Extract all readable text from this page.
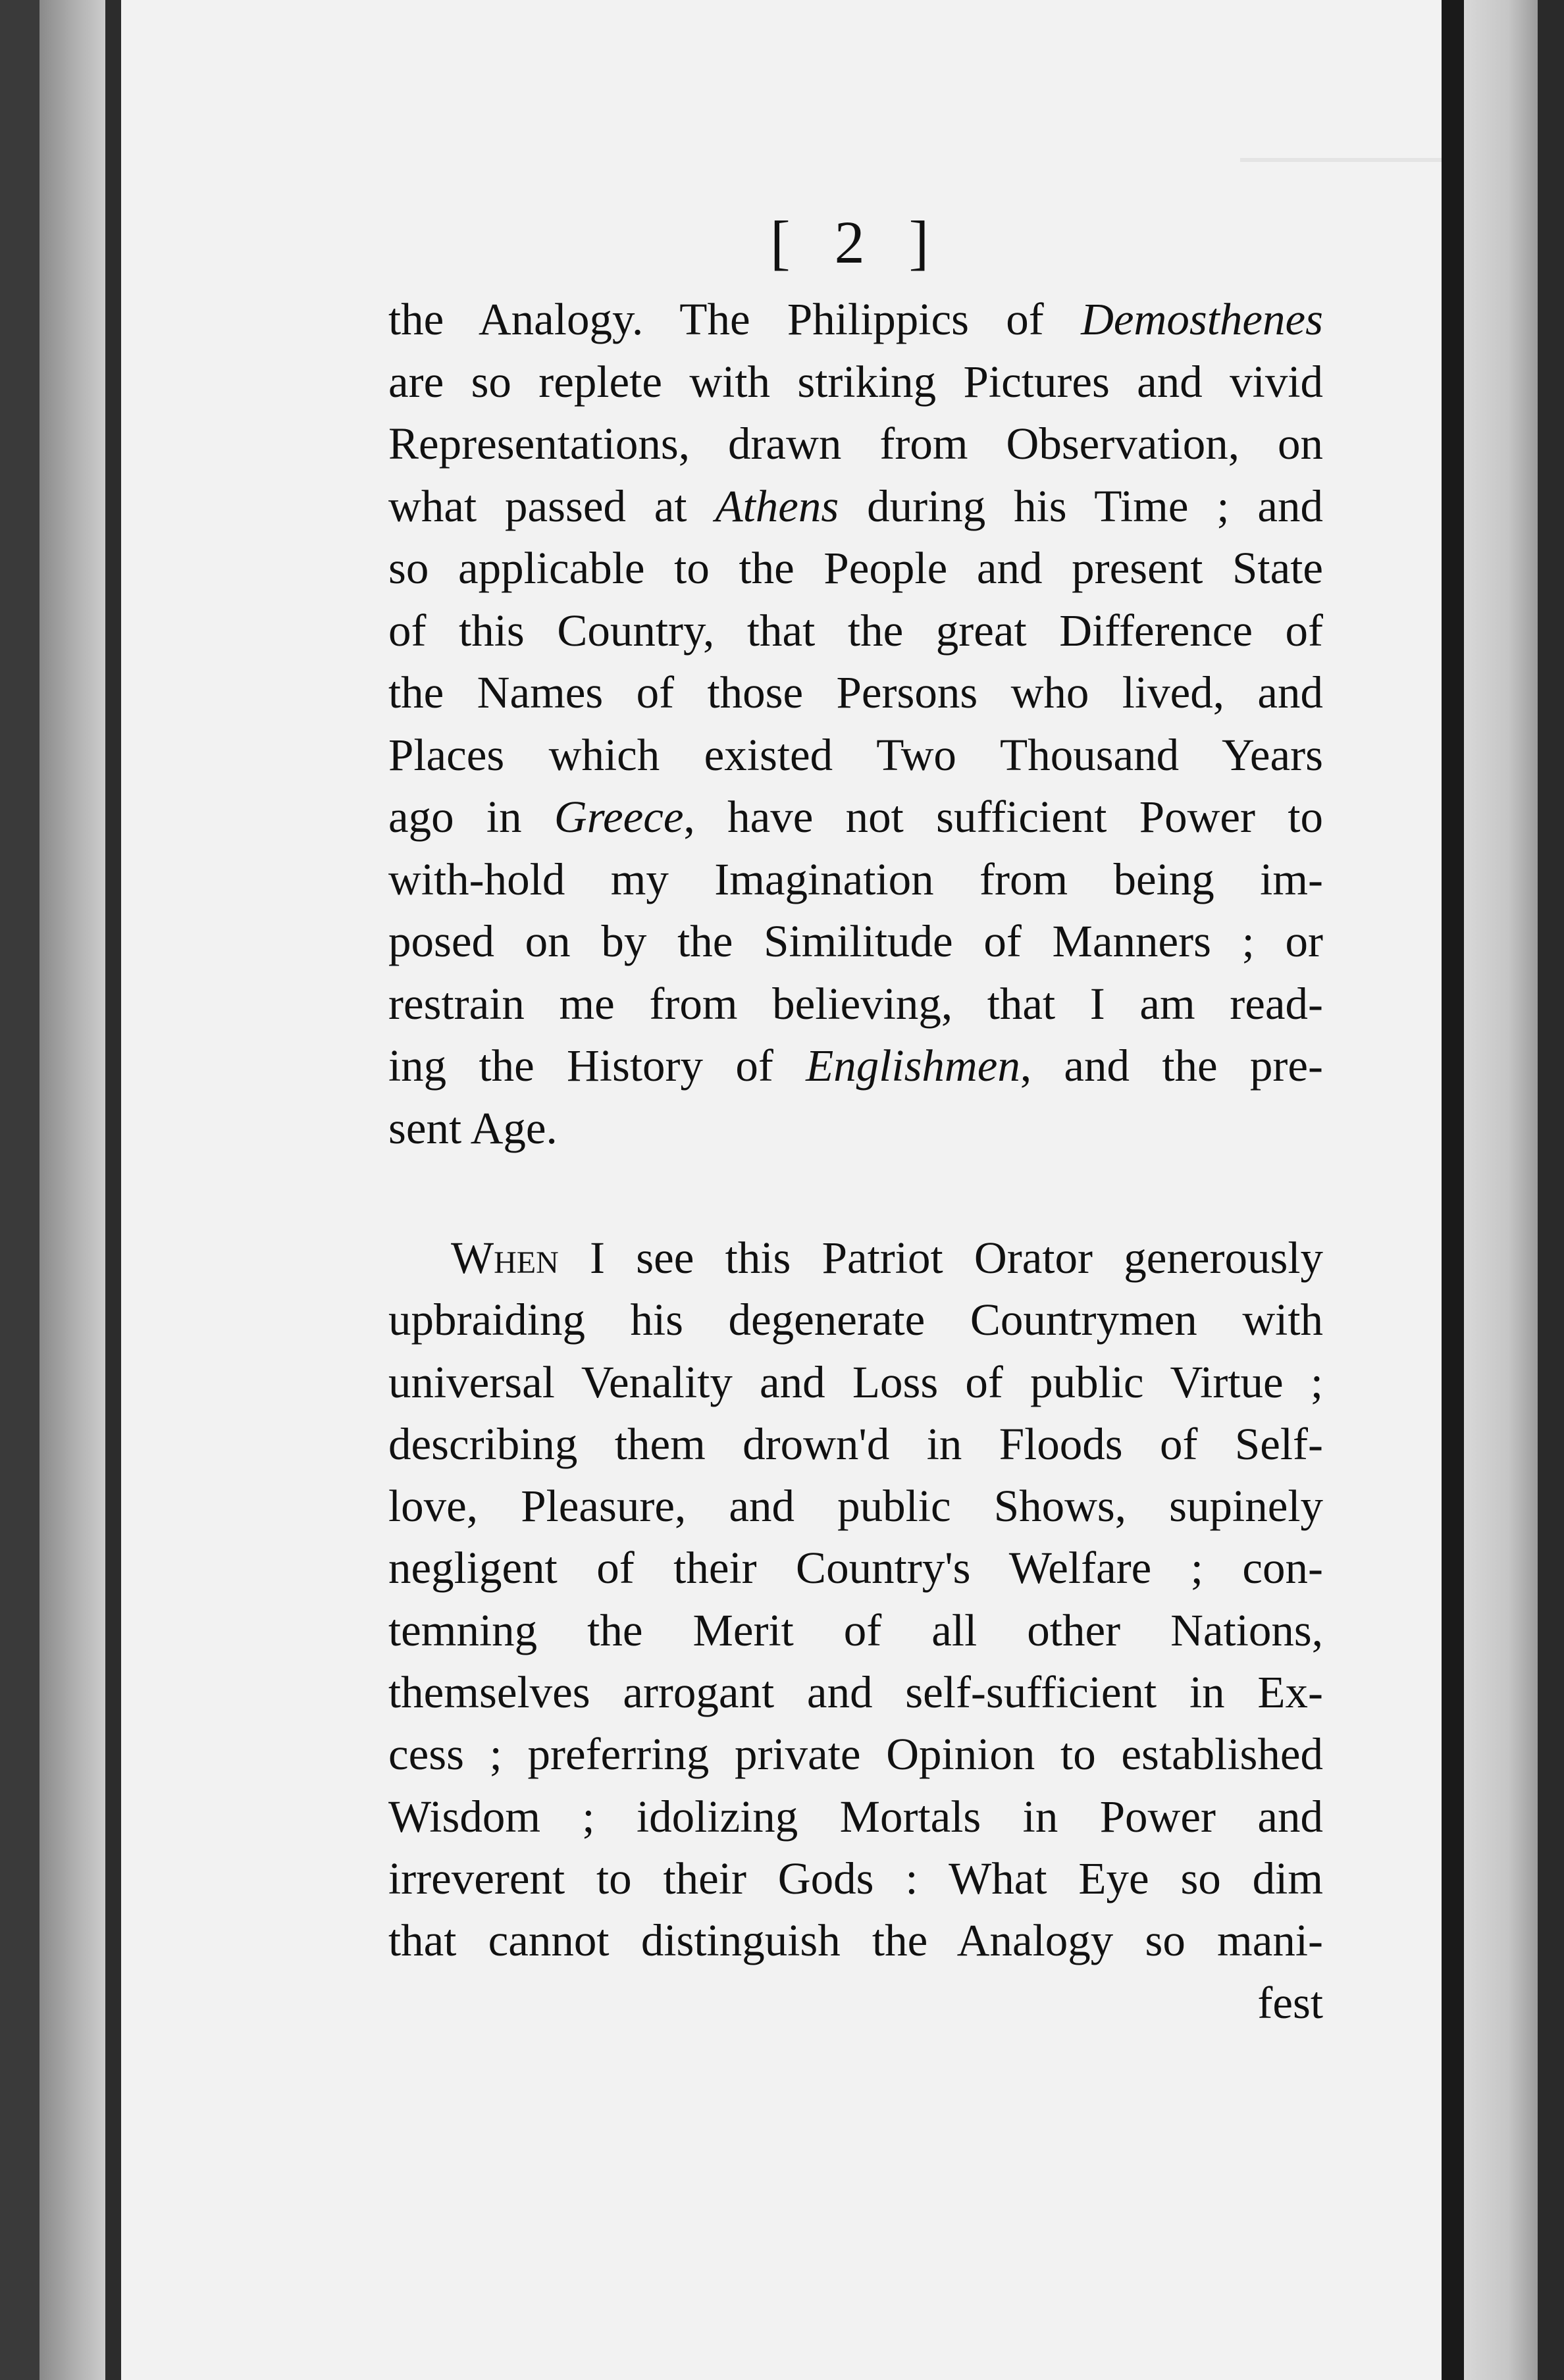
[ 2 ]
the Analogy. The Philippics of Demosthenes
are so replete with striking Pictures and vivid
Representations, drawn from Observation, on
what passed at Athens during his Time ; and
so applicable to the People and present State
of this Country, that the great Difference of
the Names of those Persons who lived, and
Places which existed Two Thousand Years
ago in Greece, have not sufficient Power to
with-hold my Imagination from being im-
posed on by the Similitude of Manners ; or
restrain me from believing, that I am read-
ing the History of Englishmen, and the pre-
sent Age.
When I see this Patriot Orator generously
upbraiding his degenerate Countrymen with
universal Venality and Loss of public Virtue ;
describing them drown'd in Floods of Self-
love, Pleasure, and public Shows, supinely
negligent of their Country's Welfare ; con-
temning the Merit of all other Nations,
themselves arrogant and self-sufficient in Ex-
cess ; preferring private Opinion to established
Wisdom ; idolizing Mortals in Power and
irreverent to their Gods : What Eye so dim
that cannot distinguish the Analogy so mani-
fest
